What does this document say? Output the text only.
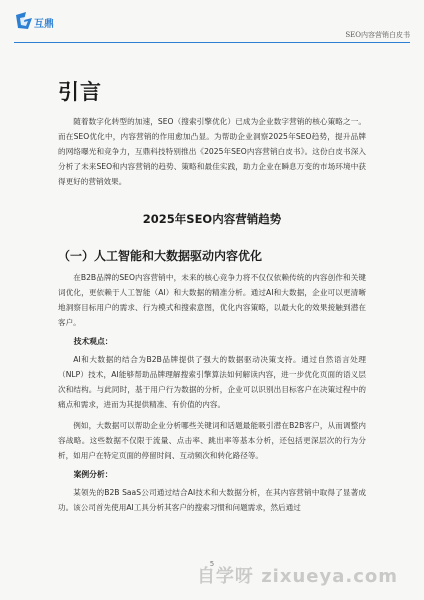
互鼎
SEO内容营销白皮书
引言

随着数字化转型的加速，SEO（搜索引擎优化）已成为企业数字营销的核心策略之一。而在SEO优化中，内容营销的作用愈加凸显。为帮助企业洞察2025年SEO趋势，提升品牌的网络曝光和竞争力，互鼎科技特别推出《2025年SEO内容营销白皮书》。这份白皮书深入分析了未来SEO和内容营销的趋势、策略和最佳实践，助力企业在瞬息万变的市场环境中获得更好的营销效果。

2025年SEO内容营销趋势
（一）人工智能和大数据驱动内容优化

在B2B品牌的SEO内容营销中，未来的核心竞争力将不仅仅依赖传统的内容创作和关键词优化，更依赖于人工智能（AI）和大数据的精准分析。通过AI和大数据，企业可以更清晰地洞察目标用户的需求、行为模式和搜索意图，优化内容策略，以最大化的效果接触到潜在客户。

技术观点：

AI和大数据的结合为B2B品牌提供了强大的数据驱动决策支持。通过自然语言处理（NLP）技术，AI能够帮助品牌理解搜索引擎算法如何解读内容，进一步优化页面的语义层次和结构。与此同时，基于用户行为数据的分析，企业可以识别出目标客户在决策过程中的痛点和需求，进而为其提供精准、有价值的内容。

例如，大数据可以帮助企业分析哪些关键词和话题最能吸引潜在B2B客户，从而调整内容战略。这些数据不仅限于流量、点击率、跳出率等基本分析，还包括更深层次的行为分析，如用户在特定页面的停留时间、互动频次和转化路径等。

案例分析：

某领先的B2B SaaS公司通过结合AI技术和大数据分析，在其内容营销中取得了显著成功。该公司首先使用AI工具分析其客户的搜索习惯和问题需求，然后通过

5
自学呀 zixueya.com
